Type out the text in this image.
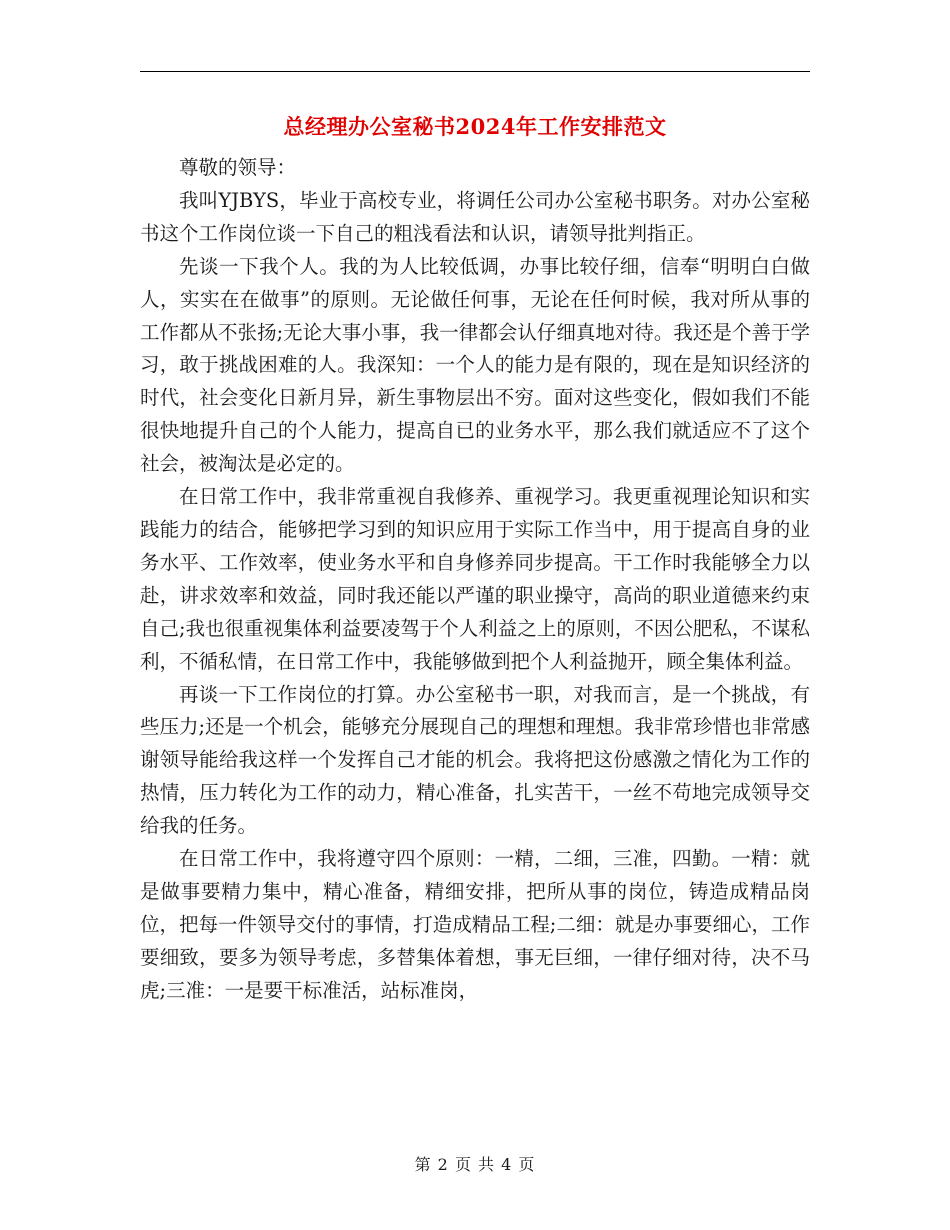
总经理办公室秘书2024年工作安排范文

尊敬的领导：

我叫YJBYS，毕业于高校专业，将调任公司办公室秘书职务。对办公室秘书这个工作岗位谈一下自己的粗浅看法和认识，请领导批判指正。

先谈一下我个人。我的为人比较低调，办事比较仔细，信奉“明明白白做人，实实在在做事”的原则。无论做任何事，无论在任何时候，我对所从事的工作都从不张扬;无论大事小事，我一律都会认仔细真地对待。我还是个善于学习，敢于挑战困难的人。我深知：一个人的能力是有限的，现在是知识经济的时代，社会变化日新月异，新生事物层出不穷。面对这些变化，假如我们不能很快地提升自己的个人能力，提高自已的业务水平，那么我们就适应不了这个社会，被淘汰是必定的。

在日常工作中，我非常重视自我修养、重视学习。我更重视理论知识和实践能力的结合，能够把学习到的知识应用于实际工作当中，用于提高自身的业务水平、工作效率，使业务水平和自身修养同步提高。干工作时我能够全力以赴，讲求效率和效益，同时我还能以严谨的职业操守，高尚的职业道德来约束自己;我也很重视集体利益要凌驾于个人利益之上的原则，不因公肥私，不谋私利，不循私情，在日常工作中，我能够做到把个人利益抛开，顾全集体利益。

再谈一下工作岗位的打算。办公室秘书一职，对我而言，是一个挑战，有些压力;还是一个机会，能够充分展现自己的理想和理想。我非常珍惜也非常感谢领导能给我这样一个发挥自己才能的机会。我将把这份感激之情化为工作的热情，压力转化为工作的动力，精心准备，扎实苦干，一丝不苟地完成领导交给我的任务。

在日常工作中，我将遵守四个原则：一精，二细，三准，四勤。一精：就是做事要精力集中，精心准备，精细安排，把所从事的岗位，铸造成精品岗位，把每一件领导交付的事情，打造成精品工程;二细：就是办事要细心，工作要细致，要多为领导考虑，多替集体着想，事无巨细，一律仔细对待，决不马虎;三准：一是要干标准活，站标准岗，

第 2 页 共 4 页
